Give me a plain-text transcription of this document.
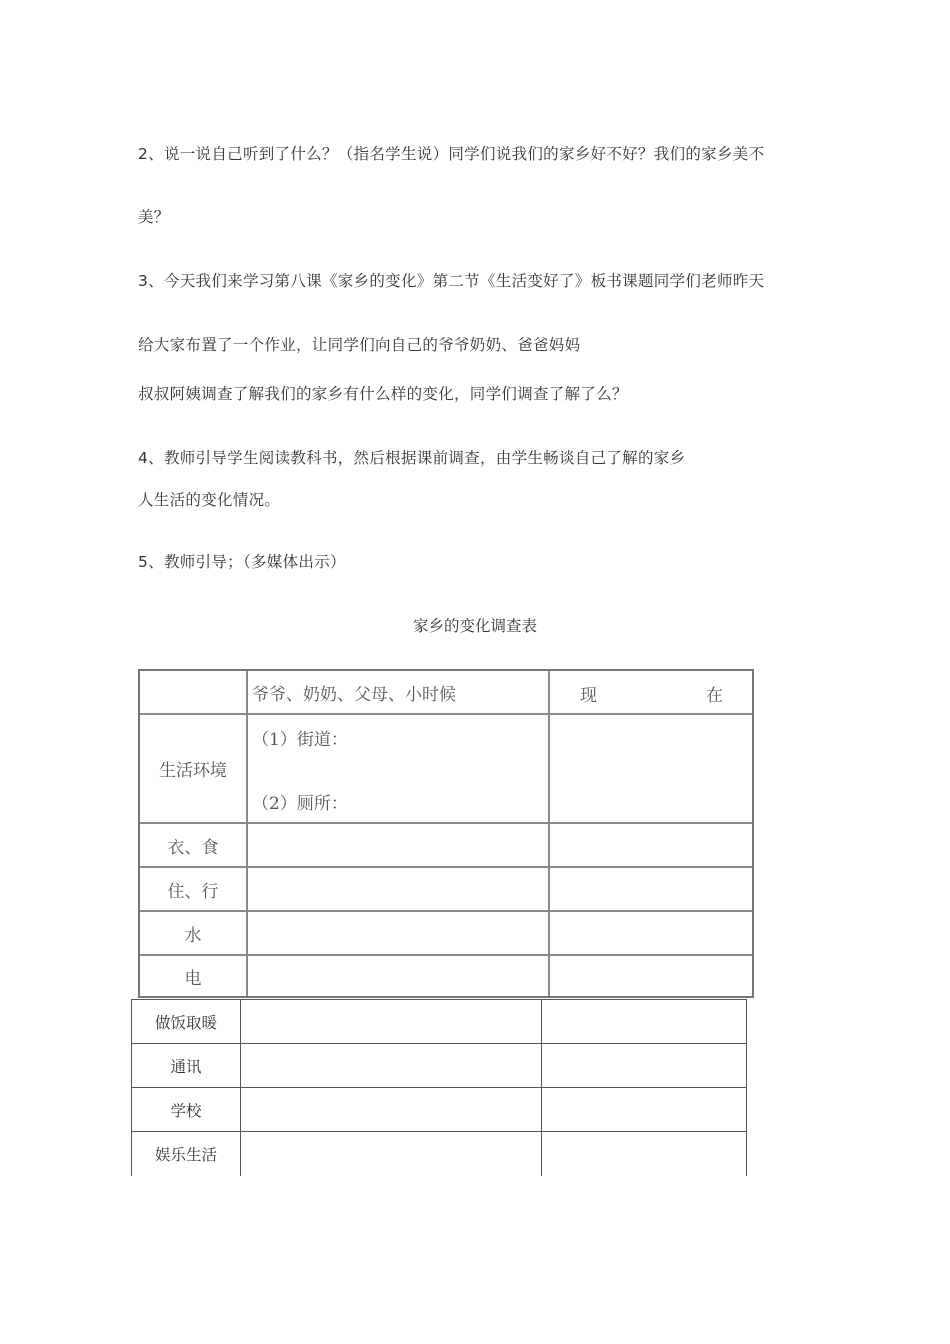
2、说一说自己听到了什么？（指名学生说）同学们说我们的家乡好不好？我们的家乡美不
美？
3、今天我们来学习第八课《家乡的变化》第二节《生活变好了》板书课题同学们老师昨天
给大家布置了一个作业，让同学们向自己的爷爷奶奶、爸爸妈妈
叔叔阿姨调查了解我们的家乡有什么样的变化，同学们调查了解了么？
4、教师引导学生阅读教科书，然后根据课前调查，由学生畅谈自己了解的家乡
人生活的变化情况。
5、教师引导；（多媒体出示）
家乡的变化调查表
爷爷、奶奶、父母、小时候	现	在
生活环境
（1）街道：
（2）厕所：
衣、食
住、行
水
电
做饭取暖
通讯
学校
娱乐生活
